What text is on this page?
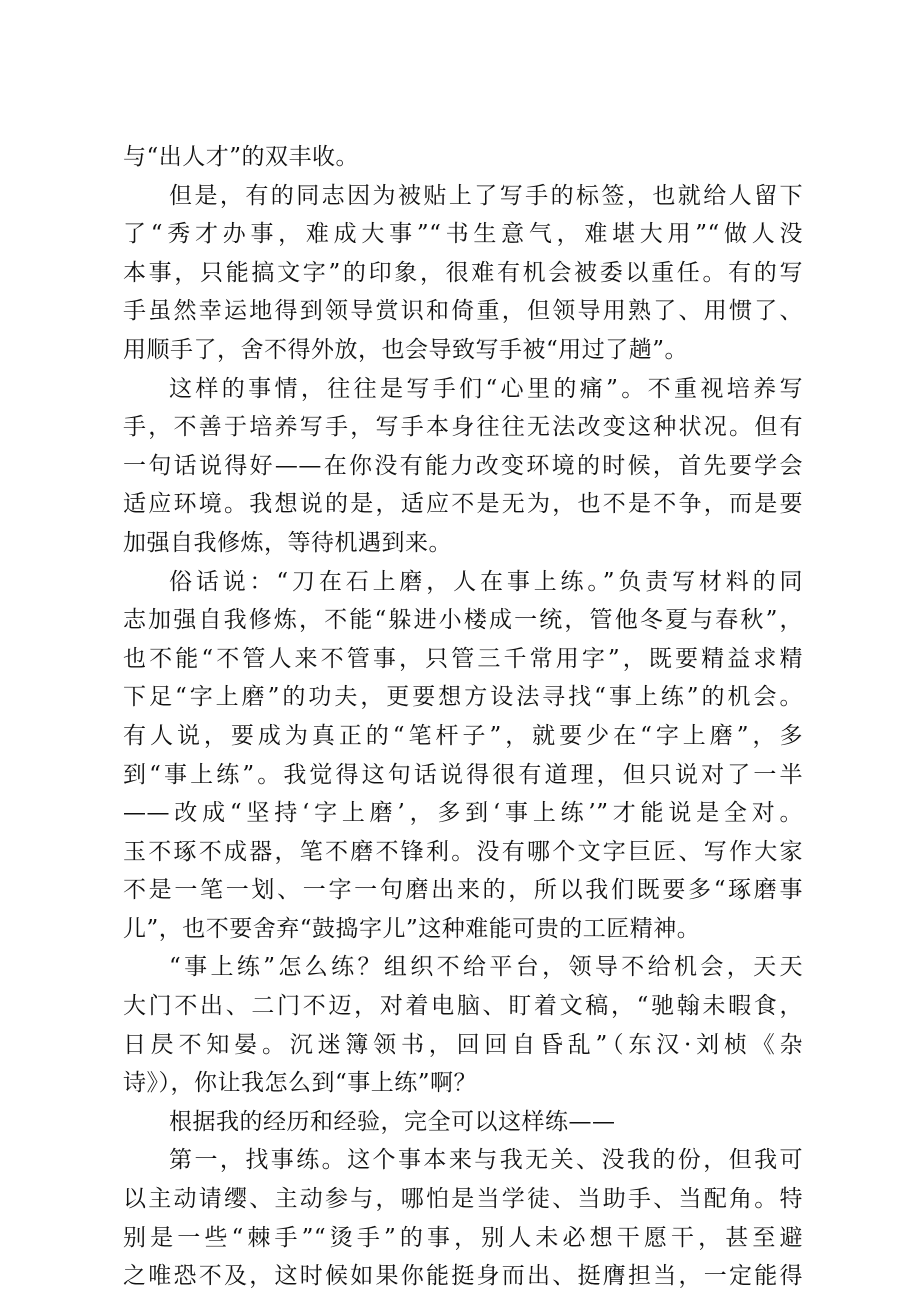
与“出人才”的双丰收。
但是，有的同志因为被贴上了写手的标签，也就给人留下
了“秀才办事，难成大事”“书生意气，难堪大用”“做人没
本事，只能搞文字”的印象，很难有机会被委以重任。有的写
手虽然幸运地得到领导赏识和倚重，但领导用熟了、用惯了、
用顺手了，舍不得外放，也会导致写手被“用过了趟”。
这样的事情，往往是写手们“心里的痛”。不重视培养写
手，不善于培养写手，写手本身往往无法改变这种状况。但有
一句话说得好——在你没有能力改变环境的时候，首先要学会
适应环境。我想说的是，适应不是无为，也不是不争，而是要
加强自我修炼，等待机遇到来。
俗话说：“刀在石上磨，人在事上练。”负责写材料的同
志加强自我修炼，不能“躲进小楼成一统，管他冬夏与春秋”，
也不能“不管人来不管事，只管三千常用字”，既要精益求精
下足“字上磨”的功夫，更要想方设法寻找“事上练”的机会。
有人说，要成为真正的“笔杆子”，就要少在“字上磨”，多
到“事上练”。我觉得这句话说得很有道理，但只说对了一半
——改成“坚持‘字上磨’，多到‘事上练’”才能说是全对。
玉不琢不成器，笔不磨不锋利。没有哪个文字巨匠、写作大家
不是一笔一划、一字一句磨出来的，所以我们既要多“琢磨事
儿”，也不要舍弃“鼓捣字儿”这种难能可贵的工匠精神。
“事上练”怎么练？组织不给平台，领导不给机会，天天
大门不出、二门不迈，对着电脑、盯着文稿，“驰翰未暇食，
日昃不知晏。沉迷簿领书，回回自昏乱”（东汉·刘桢《杂
诗》），你让我怎么到“事上练”啊？
根据我的经历和经验，完全可以这样练——
第一，找事练。这个事本来与我无关、没我的份，但我可
以主动请缨、主动参与，哪怕是当学徒、当助手、当配角。特
别是一些“棘手”“烫手”的事，别人未必想干愿干，甚至避
之唯恐不及，这时候如果你能挺身而出、挺膺担当，一定能得
